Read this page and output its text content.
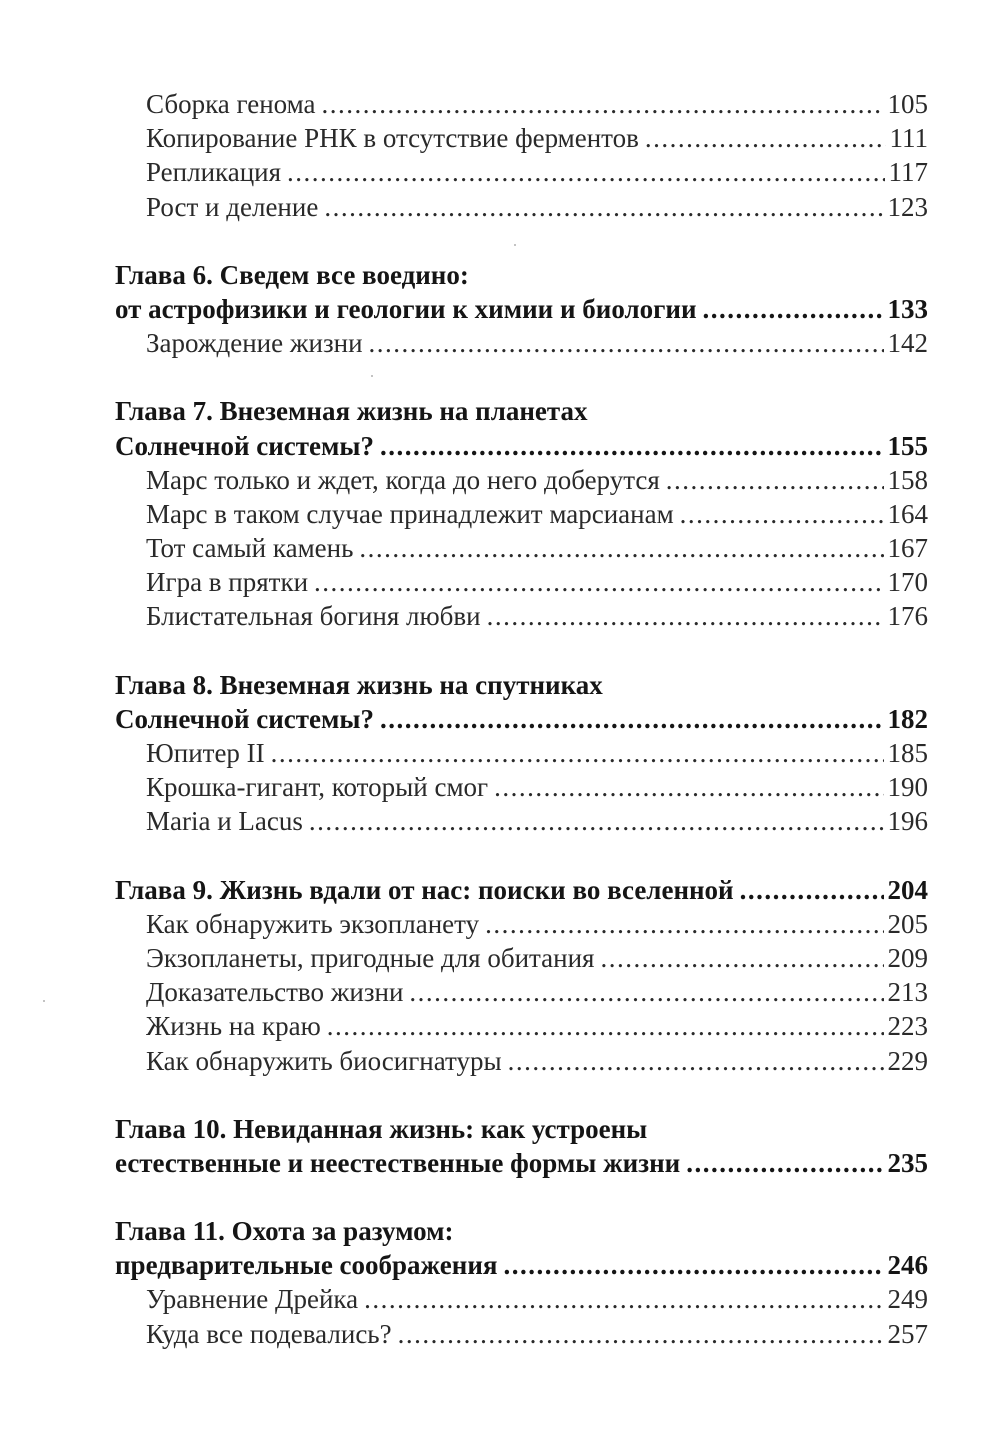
Сборка генома .....	105
Копирование РНК в отсутствие ферментов .....	111
Репликация .....	117
Рост и деление .....	123
Глава 6. Сведем все воедино:
от астрофизики и геологии к химии и биологии .....	133
Зарождение жизни .....	142
Глава 7. Внеземная жизнь на планетах
Солнечной системы? .....	155
Марс только и ждет, когда до него доберутся .....	158
Марс в таком случае принадлежит марсианам .....	164
Тот самый камень .....	167
Игра в прятки .....	170
Блистательная богиня любви .....	176
Глава 8. Внеземная жизнь на спутниках
Солнечной системы? .....	182
Юпитер II .....	185
Крошка-гигант, который смог .....	190
Maria и Lacus .....	196
Глава 9. Жизнь вдали от нас: поиски во вселенной .....	204
Как обнаружить экзопланету .....	205
Экзопланеты, пригодные для обитания .....	209
Доказательство жизни .....	213
Жизнь на краю .....	223
Как обнаружить биосигнатуры .....	229
Глава 10. Невиданная жизнь: как устроены
естественные и неестественные формы жизни .....	235
Глава 11. Охота за разумом:
предварительные соображения .....	246
Уравнение Дрейка .....	249
Куда все подевались? .....	257
